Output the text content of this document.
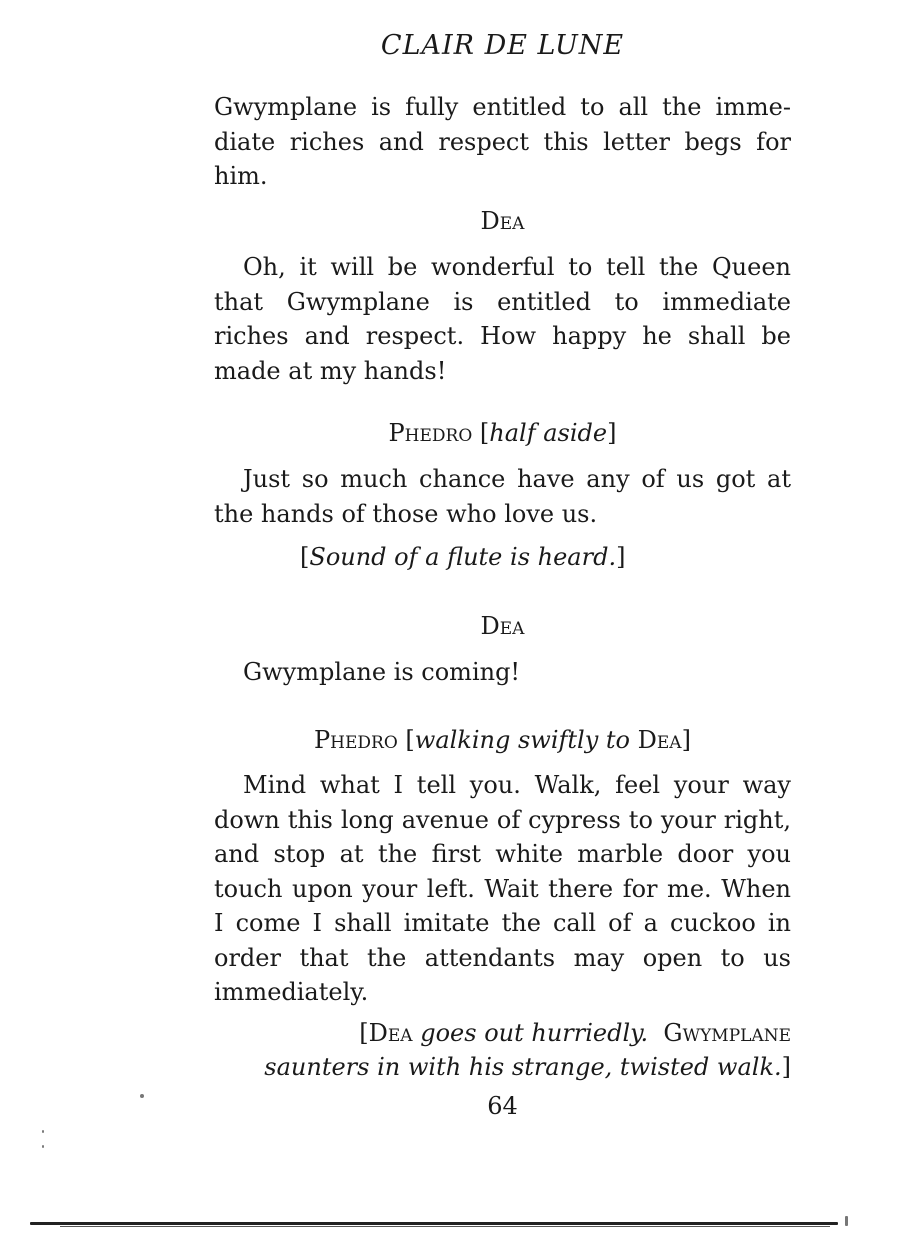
CLAIR DE LUNE
Gwymplane is fully entitled to all the imme-diate riches and respect this letter begs for him.
Dea
Oh, it will be wonderful to tell the Queen that Gwymplane is entitled to immediate riches and respect. How happy he shall be made at my hands!
Phedro [half aside]
Just so much chance have any of us got at the hands of those who love us.
[Sound of a flute is heard.]
Dea
Gwymplane is coming!
Phedro [walking swiftly to Dea]
Mind what I tell you. Walk, feel your way down this long avenue of cypress to your right, and stop at the first white marble door you touch upon your left. Wait there for me. When I come I shall imitate the call of a cuckoo in order that the attendants may open to us immediately.
[Dea goes out hurriedly. Gwymplane
saunters in with his strange, twisted walk.]
64
